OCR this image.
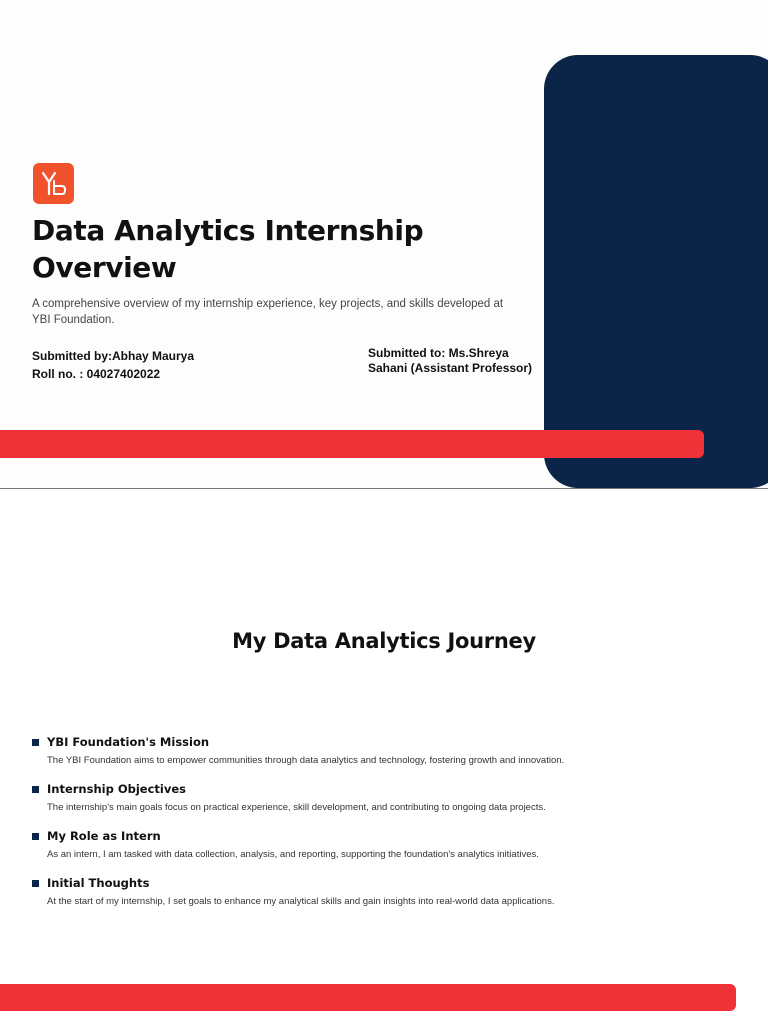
Data Analytics Internship Overview

A comprehensive overview of my internship experience, key projects, and skills developed at YBI Foundation.

Submitted by:Abhay Maurya
Roll no. : 04027402022
Submitted to: Ms.Shreya Sahani (Assistant Professor)
My Data Analytics Journey
YBI Foundation's Mission
The YBI Foundation aims to empower communities through data analytics and technology, fostering growth and innovation.
Internship Objectives
The internship's main goals focus on practical experience, skill development, and contributing to ongoing data projects.
My Role as Intern
As an intern, I am tasked with data collection, analysis, and reporting, supporting the foundation's analytics initiatives.
Initial Thoughts
At the start of my internship, I set goals to enhance my analytical skills and gain insights into real-world data applications.
